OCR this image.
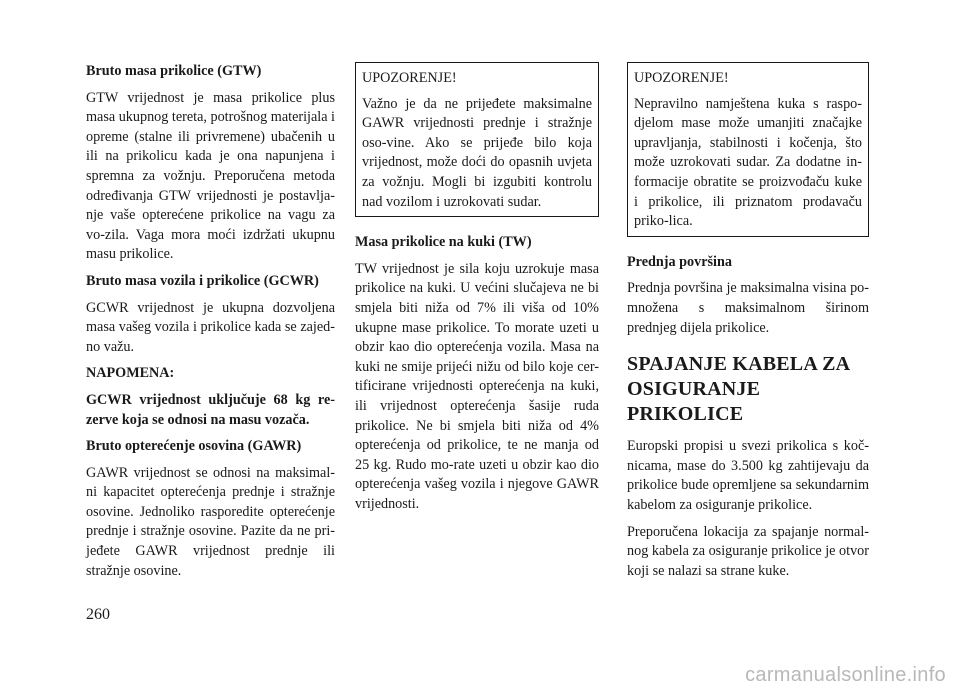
Bruto masa prikolice (GTW)

GTW vrijednost je masa prikolice plus masa ukupnog tereta, potrošnog materijala i opreme (stalne ili privremene) ubačenih u ili na prikolicu kada je ona napunjena i spremna za vožnju. Preporučena metoda određivanja GTW vrijednosti je postavlja-nje vaše opterećene prikolice na vagu za vo-zila. Vaga mora moći izdržati ukupnu masu prikolice.

Bruto masa vozila i prikolice (GCWR)

GCWR vrijednost je ukupna dozvoljena masa vašeg vozila i prikolice kada se zajed-no važu.

NAPOMENA:
GCWR vrijednost uključuje 68 kg re-zerve koja se odnosi na masu vozača.
Bruto opterećenje osovina (GAWR)

GAWR vrijednost se odnosi na maksimal-ni kapacitet opterećenja prednje i stražnje osovine. Jednoliko rasporedite opterećenje prednje i stražnje osovine. Pazite da ne pri-jeđete GAWR vrijednost prednje ili stražnje osovine.

UPOZORENJE!

Važno je da ne prijeđete maksimalne GAWR vrijednosti prednje i stražnje oso-vine. Ako se prijeđe bilo koja vrijednost, može doći do opasnih uvjeta za vožnju. Mogli bi izgubiti kontrolu nad vozilom i uzrokovati sudar.

Masa prikolice na kuki (TW)

TW vrijednost je sila koju uzrokuje masa prikolice na kuki. U većini slučajeva ne bi smjela biti niža od 7% ili viša od 10% ukupne mase prikolice. To morate uzeti u obzir kao dio opterećenja vozila. Masa na kuki ne smije prijeći nižu od bilo koje cer-tificirane vrijednosti opterećenja na kuki, ili vrijednost opterećenja šasije ruda prikolice. Ne bi smjela biti niža od 4% opterećenja od prikolice, te ne manja od 25 kg. Rudo mo-rate uzeti u obzir kao dio opterećenja vašeg vozila i njegove GAWR vrijednosti.

UPOZORENJE!

Nepravilno namještena kuka s raspo-djelom mase može umanjiti značajke upravljanja, stabilnosti i kočenja, što može uzrokovati sudar. Za dodatne in-formacije obratite se proizvođaču kuke i prikolice, ili priznatom prodavaču priko-lica.

Prednja površina

Prednja površina je maksimalna visina po-množena s maksimalnom širinom prednjeg dijela prikolice.

SPAJANJE KABELA ZA
OSIGURANJE PRIKOLICE

Europski propisi u svezi prikolica s koč-nicama, mase do 3.500 kg zahtijevaju da prikolice bude opremljene sa sekundarnim kabelom za osiguranje prikolice.

Preporučena lokacija za spajanje normal-nog kabela za osiguranje prikolice je otvor koji se nalazi sa strane kuke.

260
carmanualsonline.info
